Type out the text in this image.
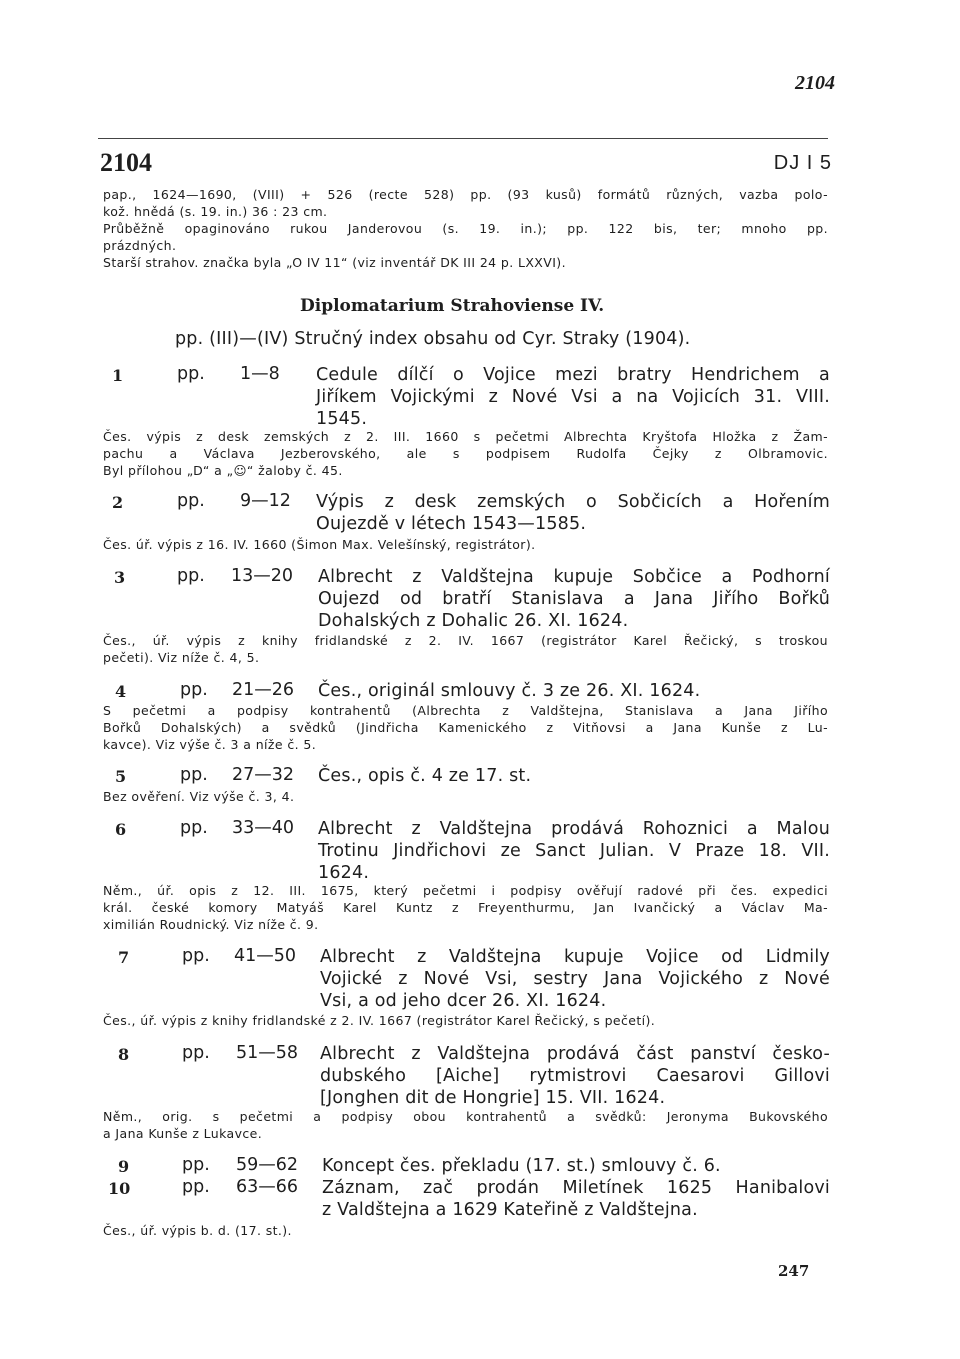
2104
2104	DJ I 5
pap., 1624—1690, (VIII) + 526 (recte 528) pp. (93 kusů) formátů různých, vazba polo-
kož. hnědá (s. 19. in.) 36 : 23 cm.
Průběžně opaginováno rukou Janderovou (s. 19. in.); pp. 122 bis, ter; mnoho pp.
prázdných.
Starší strahov. značka byla „O IV 11“ (viz inventář DK III 24 p. LXXVI).
Diplomatarium Strahoviense IV.
pp. (III)—(IV) Stručný index obsahu od Cyr. Straky (1904).
1	pp. 1—8 Cedule dílčí o Vojice mezi bratry Hendrichem a
Jiříkem Vojickými z Nové Vsi a na Vojicích 31. VIII.
1545.
Čes. výpis z desk zemských z 2. III. 1660 s pečetmi Albrechta Kryštofa Hložka z Žam-
pachu a Václava Jezberovského, ale s podpisem Rudolfa Čejky z Olbramovic.
Byl přílohou „D“ a „☺“ žaloby č. 45.
2	pp. 9—12 Výpis z desk zemských o Sobčicích a Hořením
Oujezdě v létech 1543—1585.
Čes. úř. výpis z 16. IV. 1660 (Šimon Max. Velešínský, registrátor).
3	pp. 13—20 Albrecht z Valdštejna kupuje Sobčice a Podhorní
Oujezd od bratří Stanislava a Jana Jiřího Bořků
Dohalských z Dohalic 26. XI. 1624.
Čes., úř. výpis z knihy fridlandské z 2. IV. 1667 (registrátor Karel Řečický, s troskou
pečeti). Viz níže č. 4, 5.
4	pp. 21—26 Čes., originál smlouvy č. 3 ze 26. XI. 1624.
S pečetmi a podpisy kontrahentů (Albrechta z Valdštejna, Stanislava a Jana Jiřího
Bořků Dohalských) a svědků (Jindřicha Kamenického z Vitňovsi a Jana Kunše z Lu-
kavce). Viz výše č. 3 a níže č. 5.
5	pp. 27—32 Čes., opis č. 4 ze 17. st.
Bez ověření. Viz výše č. 3, 4.
6	pp. 33—40 Albrecht z Valdštejna prodává Rohoznici a Malou
Trotinu Jindřichovi ze Sanct Julian. V Praze 18. VII.
1624.
Něm., úř. opis z 12. III. 1675, který pečetmi i podpisy ověřují radové při čes. expedici
král. české komory Matyáš Karel Kuntz z Freyenthurmu, Jan Ivančický a Václav Ma-
ximilián Roudnický. Viz níže č. 9.
7	pp. 41—50 Albrecht z Valdštejna kupuje Vojice od Lidmily
Vojické z Nové Vsi, sestry Jana Vojického z Nové
Vsi, a od jeho dcer 26. XI. 1624.
Čes., úř. výpis z knihy fridlandské z 2. IV. 1667 (registrátor Karel Řečický, s pečetí).
8	pp. 51—58 Albrecht z Valdštejna prodává část panství česko-
dubského [Aiche] rytmistrovi Caesarovi Gillovi
[Jonghen dit de Hongrie] 15. VII. 1624.
Něm., orig. s pečetmi a podpisy obou kontrahentů a svědků: Jeronyma Bukovského
a Jana Kunše z Lukavce.
9	pp. 59—62 Koncept čes. překladu (17. st.) smlouvy č. 6.
10	pp. 63—66 Záznam, zač prodán Miletínek 1625 Hanibalovi
z Valdštejna a 1629 Kateřině z Valdštejna.
Čes., úř. výpis b. d. (17. st.).
247
